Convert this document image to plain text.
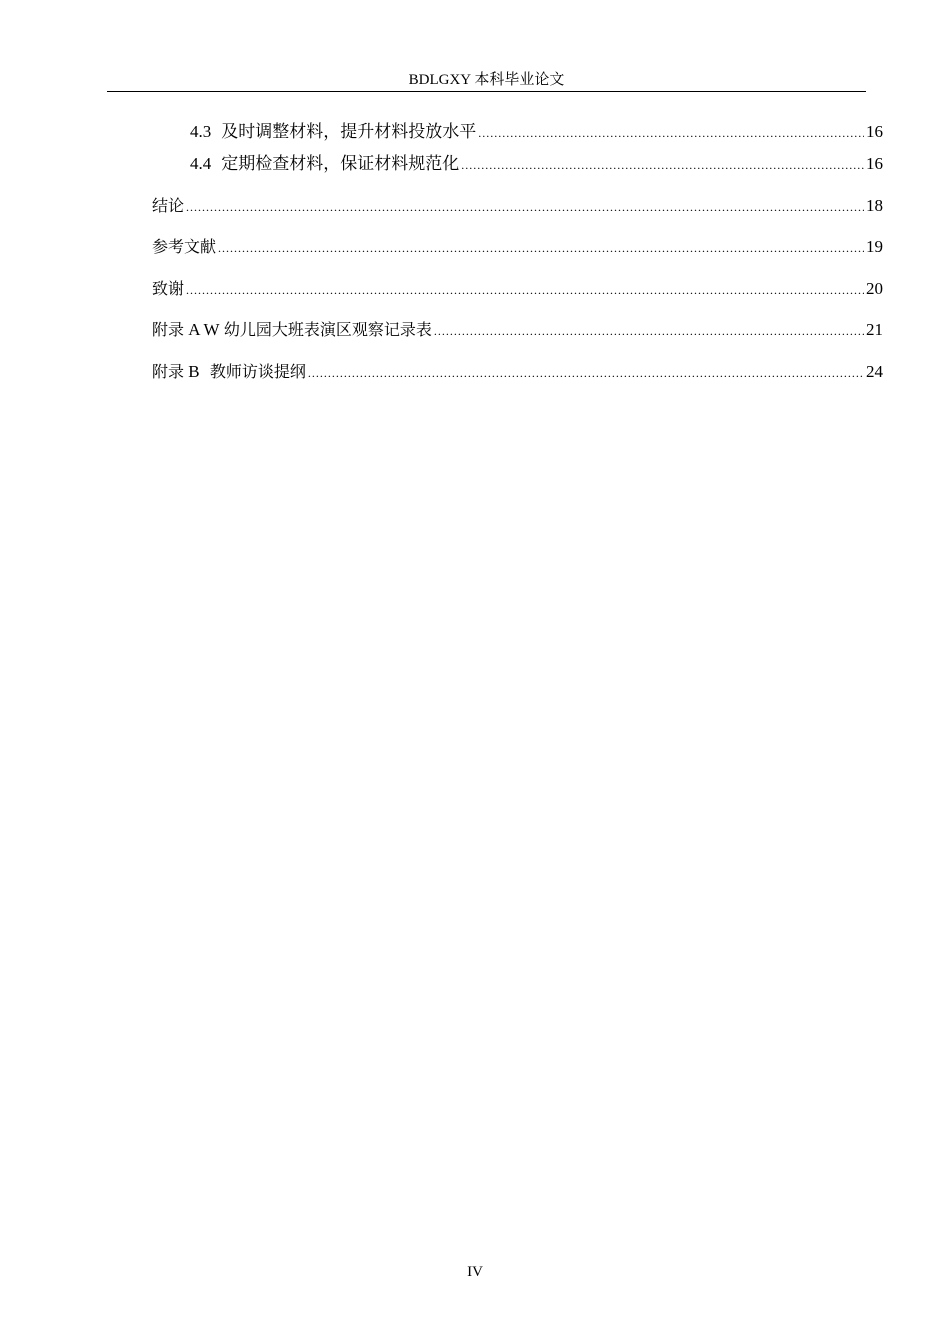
BDLGXY 本科毕业论文
4.3 及时调整材料，提升材料投放水平 .....	16
4.4 定期检查材料，保证材料规范化 .....	16
结论 .....	18
参考文献 .....	19
致谢 .....	20
附录 A W 幼儿园大班表演区观察记录表 .....	21
附录 B 教师访谈提纲 .....	24
IV
